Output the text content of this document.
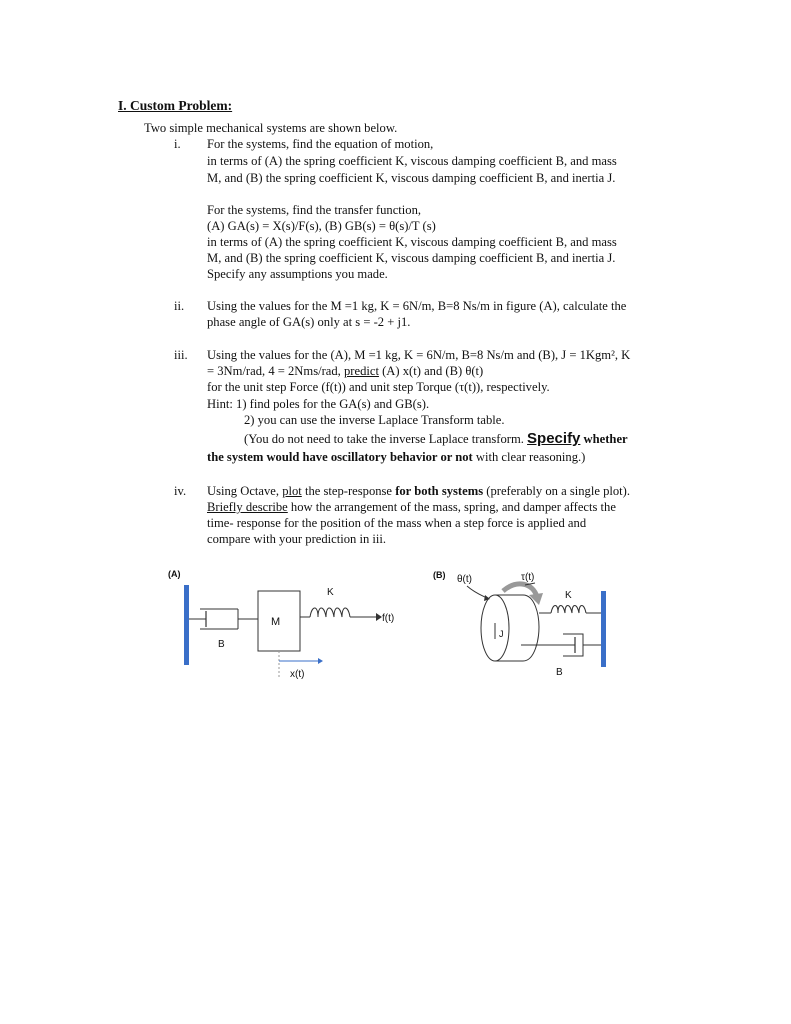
I. Custom Problem:
Two simple mechanical systems are shown below.
i. For the systems, find the equation of motion,
in terms of (A) the spring coefficient K, viscous damping coefficient B, and mass
M, and (B) the spring coefficient K, viscous damping coefficient B, and inertia J.
For the systems, find the transfer function,
(A) GA(s) = X(s)/F(s), (B) GB(s) = θ(s)/T (s)
in terms of (A) the spring coefficient K, viscous damping coefficient B, and mass
M, and (B) the spring coefficient K, viscous damping coefficient B, and inertia J.
Specify any assumptions you made.
ii. Using the values for the M =1 kg, K = 6N/m, B=8 Ns/m in figure (A), calculate the
phase angle of GA(s) only at s = -2 + j1.
iii. Using the values for the (A), M =1 kg, K = 6N/m, B=8 Ns/m and (B), J = 1Kgm², K
= 3Nm/rad, 4 = 2Nms/rad, predict (A) x(t) and (B) θ(t)
for the unit step Force (f(t)) and unit step Torque (τ(t)), respectively.
Hint: 1) find poles for the GA(s) and GB(s).
2) you can use the inverse Laplace Transform table.
(You do not need to take the inverse Laplace transform. Specify whether
the system would have oscillatory behavior or not with clear reasoning.)
iv. Using Octave, plot the step-response for both systems (preferably on a single plot).
Briefly describe how the arrangement of the mass, spring, and damper affects the
time- response for the position of the mass when a step force is applied and
compare with your prediction in iii.
(A)
B
M
K
f(t)
x(t)
(B) θ(t)	τ(t)
J
K
B
